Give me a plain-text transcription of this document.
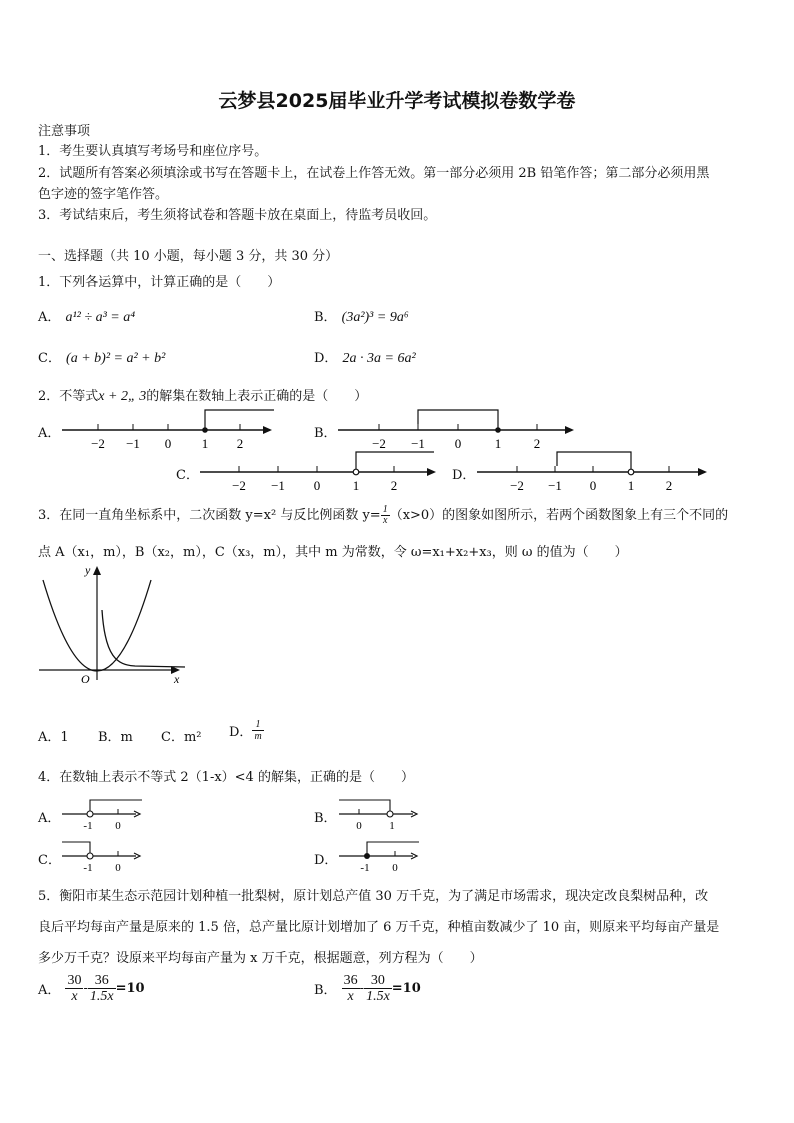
云梦县2025届毕业升学考试模拟卷数学卷
注意事项
1．考生要认真填写考场号和座位序号。
2．试题所有答案必须填涂或书写在答题卡上，在试卷上作答无效。第一部分必须用 2B 铅笔作答；第二部分必须用黑
色字迹的签字笔作答。
3．考试结束后，考生须将试卷和答题卡放在桌面上，待监考员收回。
一、选择题（共 10 小题，每小题 3 分，共 30 分）
1．下列各运算中，计算正确的是（　　）
A． a¹² ÷ a³ = a⁴	B． (3a²)³ = 9a⁶
C． (a + b)² = a² + b²	D． 2a · 3a = 6a²
2．不等式x + 2„ 3的解集在数轴上表示正确的是（　　）
A．	B．
C．	D．
−2 −1 0 1 2	−2 −1 0	1	2
−2 −1 0	1 2	−2 −1 0 1 2
3．在同一直角坐标系中，二次函数 y=x² 与反比例函数 $y= \frac{1}{x} (x>0)$的图象如图所示，若两个函数图象上有三个不同的
点 A（x₁，m），B（x₂，m），C（x₃，m），其中 m 为常数，令 ω=x₁+x₂+x₃，则 ω 的值为（　　）
y
x
O
A．1 B．m C．m² D． $\frac{1}{m}$
4．在数轴上表示不等式 2（1-x）<4 的解集，正确的是（　　）
A．	B．
C．	D．
-1 0	0	1
-1 0	-1 0
5．衡阳市某生态示范园计划种植一批梨树，原计划总产值 30 万千克，为了满足市场需求，现决定改良梨树品种，改
良后平均每亩产量是原来的 1.5 倍，总产量比原计划增加了 6 万千克，种植亩数减少了 10 亩，则原来平均每亩产量是
多少万千克？设原来平均每亩产量为 x 万千克，根据题意，列方程为（　　）
A． $\frac{30}{x} - \frac{36}{1.5x} =10$	B． $\frac{36}{x} - \frac{30}{1.5x} =10$
